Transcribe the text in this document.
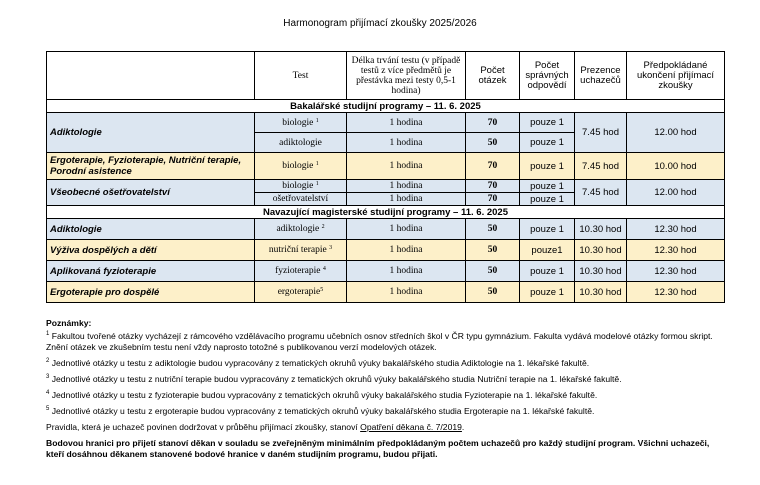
Harmonogram přijímací zkoušky 2025/2026
	Test	Délka trvání testu (v případě testů z více předmětů je přestávka mezi testy 0,5-1 hodina)	Počet otázek	Počet správných odpovědí	Prezence uchazečů	Předpokládané ukončení přijímací zkoušky
Bakalářské studijní programy – 11. 6. 2025						
Adiktologie	biologie $^1$	1 hodina	70	pouze 1	7.45 hod	12.00 hod
	adiktologie	1 hodina	50	pouze 1		
Ergoterapie, Fyzioterapie, Nutriční terapie, Porodní asistence	biologie $^1$	1 hodina	70	pouze 1	7.45 hod	10.00 hod
Všeobecné ošetřovatelství	biologie $^1$	1 hodina	70	pouze 1	7.45 hod	12.00 hod
	ošetřovatelství	1 hodina	70	pouze 1		
Navazující magisterské studijní programy – 11. 6. 2025						
Adiktologie	adiktologie $^2$	1 hodina	50	pouze 1	10.30 hod	12.30 hod
Výživa dospělých a dětí	nutriční terapie $^3$	1 hodina	50	pouze1	10.30 hod	12.30 hod
Aplikovaná fyzioterapie	fyzioterapie $^4$	1 hodina	50	pouze 1	10.30 hod	12.30 hod
Ergoterapie pro dospělé	ergoterapie$^5$	1 hodina	50	pouze 1	10.30 hod	12.30 hod

Poznámky:

$^1$ Fakultou tvořené otázky vycházejí z rámcového vzdělávacího programu učebních osnov středních škol v ČR typu gymnázium. Fakulta vydává modelové otázky formou skript. Znění otázek ve zkušebním testu není vždy naprosto totožné s publikovanou verzí modelových otázek.

$^2$ Jednotlivé otázky u testu z adiktologie budou vypracovány z tematických okruhů výuky bakalářského studia Adiktologie na 1. lékařské fakultě.

$^3$ Jednotlivé otázky u testu z nutriční terapie budou vypracovány z tematických okruhů výuky bakalářského studia Nutriční terapie na 1. lékařské fakultě.

$^4$ Jednotlivé otázky u testu z fyzioterapie budou vypracovány z tematických okruhů výuky bakalářského studia Fyzioterapie na 1. lékařské fakultě.

$^5$ Jednotlivé otázky u testu z ergoterapie budou vypracovány z tematických okruhů výuky bakalářského studia Ergoterapie na 1. lékařské fakultě.

Pravidla, která je uchazeč povinen dodržovat v průběhu přijímací zkoušky, stanoví Opatření děkana č. 7/2019.

Bodovou hranici pro přijetí stanoví děkan v souladu se zveřejněným minimálním předpokládaným počtem uchazečů pro každý studijní program. Všichni uchazeči, kteří dosáhnou děkanem stanovené bodové hranice v daném studijním programu, budou přijati.
